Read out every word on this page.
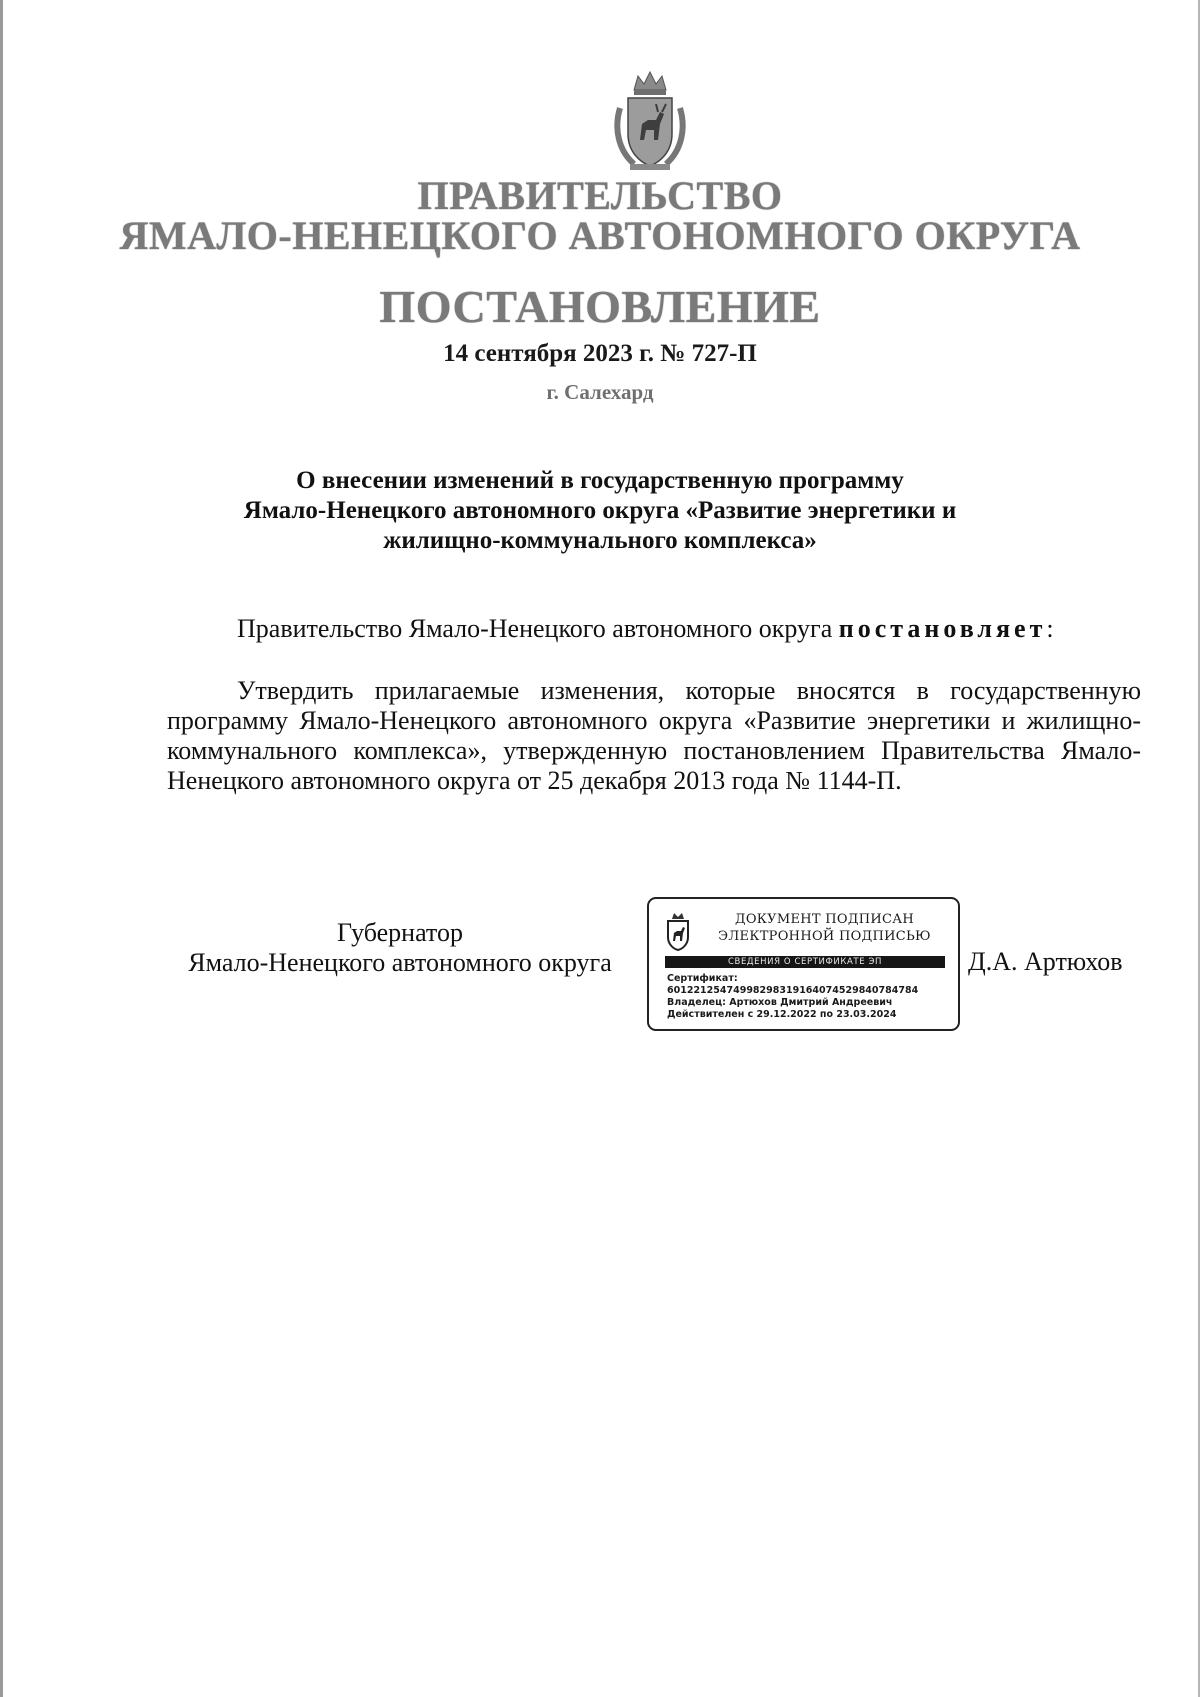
ПРАВИТЕЛЬСТВО
ЯМАЛО-НЕНЕЦКОГО АВТОНОМНОГО ОКРУГА
ПОСТАНОВЛЕНИЕ
14 сентября 2023 г. № 727-П
г. Салехард
О внесении изменений в государственную программу
Ямало-Ненецкого автономного округа «Развитие энергетики и
жилищно-коммунального комплекса»
Правительство Ямало-Ненецкого автономного округа постановляет:

Утвердить прилагаемые изменения, которые вносятся в государственную программу Ямало-Ненецкого автономного округа «Развитие энергетики и жилищно-коммунального комплекса», утвержденную постановлением Правительства Ямало-Ненецкого автономного округа от 25 декабря 2013 года № 1144-П.

Губернатор
Ямало-Ненецкого автономного округа
ДОКУМЕНТ ПОДПИСАН
ЭЛЕКТРОННОЙ ПОДПИСЬЮ
СВЕДЕНИЯ О СЕРТИФИКАТЕ ЭП
Сертификат:
60122125474998298319164074529840784784
Владелец: Артюхов Дмитрий Андреевич
Действителен с 29.12.2022 по 23.03.2024
Д.А. Артюхов
